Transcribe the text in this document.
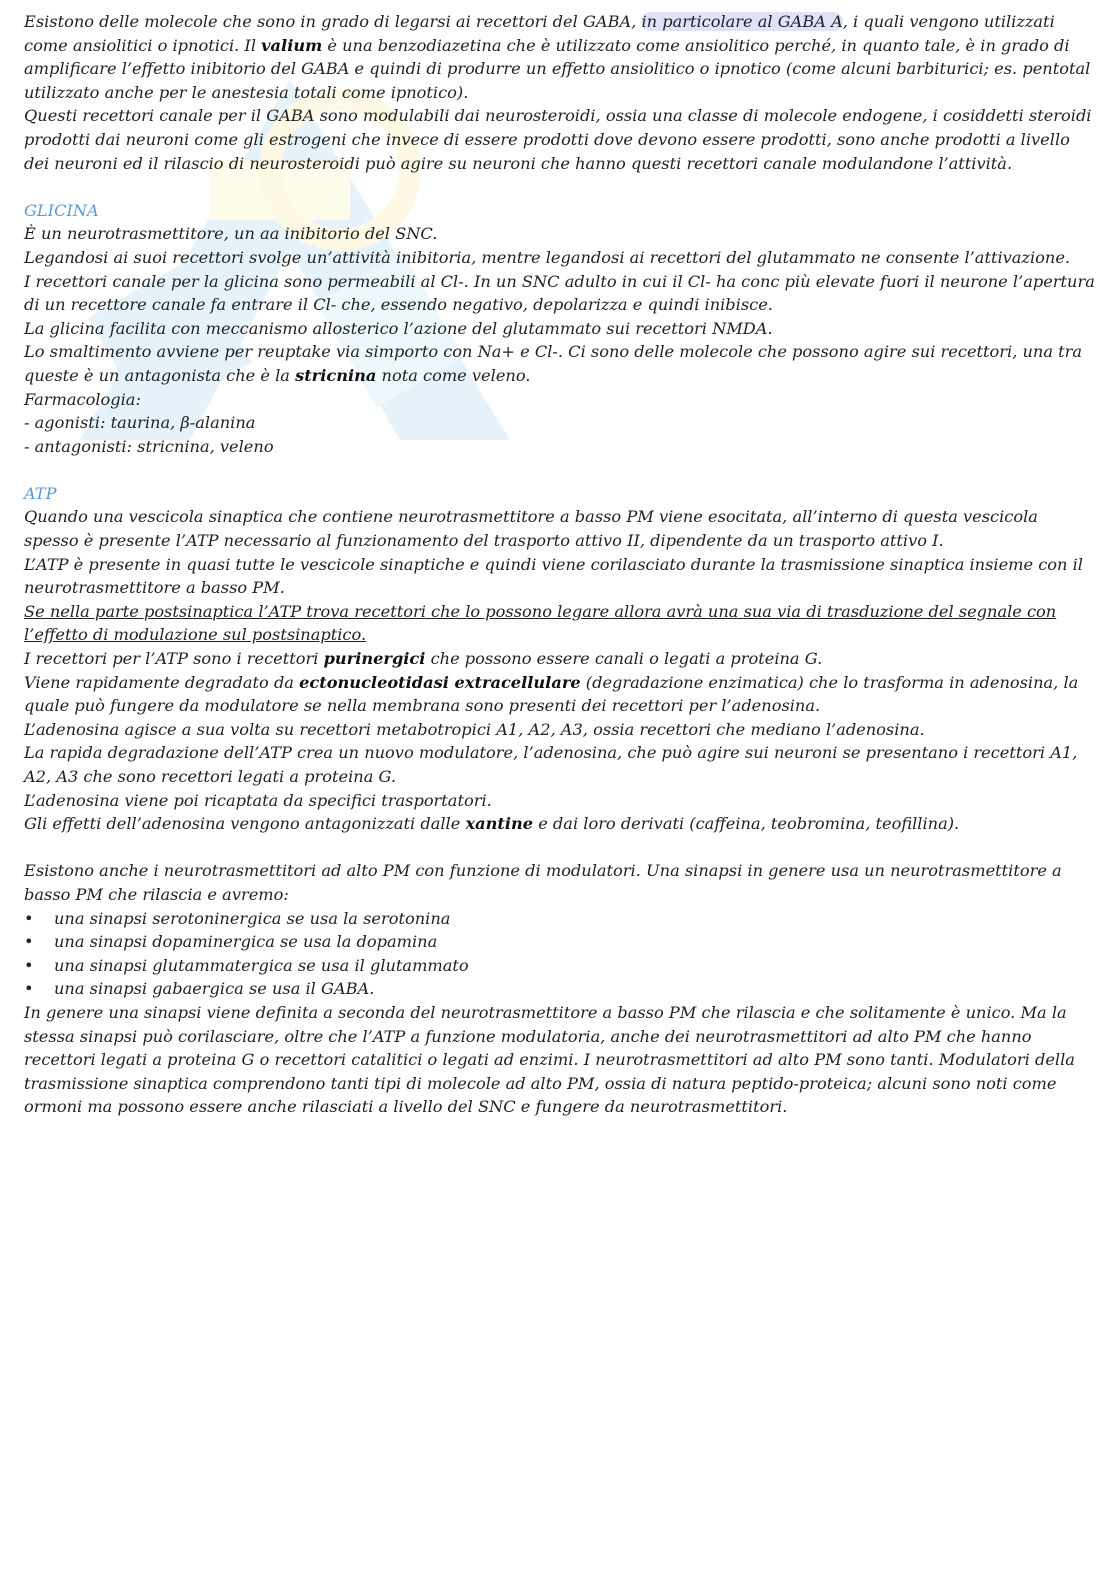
Esistono delle molecole che sono in grado di legarsi ai recettori del GABA, in particolare al GABA A, i quali vengono utilizzati come ansiolitici o ipnotici. Il valium è una benzodiazetina che è utilizzato come ansiolitico perché, in quanto tale, è in grado di amplificare l’effetto inibitorio del GABA e quindi di produrre un effetto ansiolitico o ipnotico (come alcuni barbiturici; es. pentotal utilizzato anche per le anestesia totali come ipnotico).

Questi recettori canale per il GABA sono modulabili dai neurosteroidi, ossia una classe di molecole endogene, i cosiddetti steroidi prodotti dai neuroni come gli estrogeni che invece di essere prodotti dove devono essere prodotti, sono anche prodotti a livello dei neuroni ed il rilascio di neurosteroidi può agire su neuroni che hanno questi recettori canale modulandone l’attività.

GLICINA

È un neurotrasmettitore, un aa inibitorio del SNC.

Legandosi ai suoi recettori svolge un’attività inibitoria, mentre legandosi ai recettori del glutammato ne consente l’attivazione.

I recettori canale per la glicina sono permeabili al Cl-. In un SNC adulto in cui il Cl- ha conc più elevate fuori il neurone l’apertura di un recettore canale fa entrare il Cl- che, essendo negativo, depolarizza e quindi inibisce.

La glicina facilita con meccanismo allosterico l’azione del glutammato sui recettori NMDA.

Lo smaltimento avviene per reuptake via simporto con Na+ e Cl-. Ci sono delle molecole che possono agire sui recettori, una tra queste è un antagonista che è la stricnina nota come veleno.

Farmacologia:

- agonisti: taurina, β-alanina

- antagonisti: stricnina, veleno

ATP

Quando una vescicola sinaptica che contiene neurotrasmettitore a basso PM viene esocitata, all’interno di questa vescicola spesso è presente l’ATP necessario al funzionamento del trasporto attivo II, dipendente da un trasporto attivo I.

L’ATP è presente in quasi tutte le vescicole sinaptiche e quindi viene corilasciato durante la trasmissione sinaptica insieme con il neurotrasmettitore a basso PM.

Se nella parte postsinaptica l’ATP trova recettori che lo possono legare allora avrà una sua via di trasduzione del segnale con l’effetto di modulazione sul postsinaptico.

I recettori per l’ATP sono i recettori purinergici che possono essere canali o legati a proteina G.

Viene rapidamente degradato da ectonucleotidasi extracellulare (degradazione enzimatica) che lo trasforma in adenosina, la quale può fungere da modulatore se nella membrana sono presenti dei recettori per l’adenosina.

L’adenosina agisce a sua volta su recettori metabotropici A1, A2, A3, ossia recettori che mediano l’adenosina.

La rapida degradazione dell’ATP crea un nuovo modulatore, l’adenosina, che può agire sui neuroni se presentano i recettori A1, A2, A3 che sono recettori legati a proteina G.

L’adenosina viene poi ricaptata da specifici trasportatori.

Gli effetti dell’adenosina vengono antagonizzati dalle xantine e dai loro derivati (caffeina, teobromina, teofillina).

Esistono anche i neurotrasmettitori ad alto PM con funzione di modulatori. Una sinapsi in genere usa un neurotrasmettitore a basso PM che rilascia e avremo:

•	una sinapsi serotoninergica se usa la serotonina
•	una sinapsi dopaminergica se usa la dopamina
•	una sinapsi glutammatergica se usa il glutammato
•	una sinapsi gabaergica se usa il GABA.

In genere una sinapsi viene definita a seconda del neurotrasmettitore a basso PM che rilascia e che solitamente è unico. Ma la stessa sinapsi può corilasciare, oltre che l’ATP a funzione modulatoria, anche dei neurotrasmettitori ad alto PM che hanno recettori legati a proteina G o recettori catalitici o legati ad enzimi. I neurotrasmettitori ad alto PM sono tanti. Modulatori della trasmissione sinaptica comprendono tanti tipi di molecole ad alto PM, ossia di natura peptido-proteica; alcuni sono noti come ormoni ma possono essere anche rilasciati a livello del SNC e fungere da neurotrasmettitori.
